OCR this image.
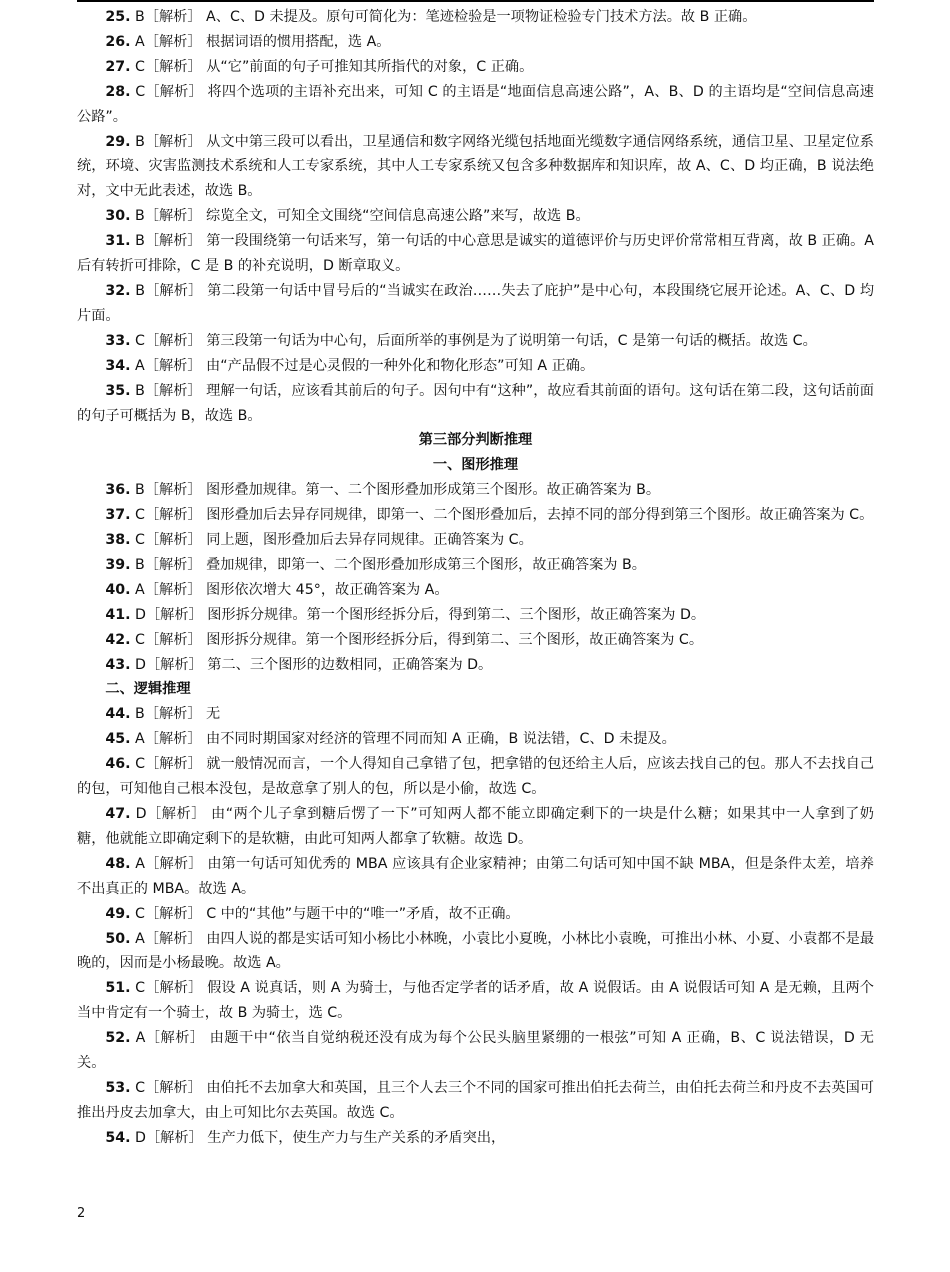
25. B［解析］ A、C、D 未提及。原句可简化为：笔迹检验是一项物证检验专门技术方法。故 B 正确。

26. A［解析］ 根据词语的惯用搭配，选 A。

27. C［解析］ 从“它”前面的句子可推知其所指代的对象，C 正确。

28. C［解析］ 将四个选项的主语补充出来，可知 C 的主语是“地面信息高速公路”，A、B、D 的主语均是“空间信息高速公路”。

29. B［解析］ 从文中第三段可以看出，卫星通信和数字网络光缆包括地面光缆数字通信网络系统，通信卫星、卫星定位系统，环境、灾害监测技术系统和人工专家系统，其中人工专家系统又包含多种数据库和知识库，故 A、C、D 均正确，B 说法绝对，文中无此表述，故选 B。

30. B［解析］ 综览全文，可知全文围绕“空间信息高速公路”来写，故选 B。

31. B［解析］ 第一段围绕第一句话来写，第一句话的中心意思是诚实的道德评价与历史评价常常相互背离，故 B 正确。A 后有转折可排除，C 是 B 的补充说明，D 断章取义。

32. B［解析］ 第二段第一句话中冒号后的“当诚实在政治……失去了庇护”是中心句，本段围绕它展开论述。A、C、D 均片面。

33. C［解析］ 第三段第一句话为中心句，后面所举的事例是为了说明第一句话，C 是第一句话的概括。故选 C。

34. A［解析］ 由“产品假不过是心灵假的一种外化和物化形态”可知 A 正确。

35. B［解析］ 理解一句话，应该看其前后的句子。因句中有“这种”，故应看其前面的语句。这句话在第二段，这句话前面的句子可概括为 B，故选 B。

第三部分判断推理
一、图形推理

36. B［解析］ 图形叠加规律。第一、二个图形叠加形成第三个图形。故正确答案为 B。

37. C［解析］ 图形叠加后去异存同规律，即第一、二个图形叠加后，去掉不同的部分得到第三个图形。故正确答案为 C。

38. C［解析］ 同上题，图形叠加后去异存同规律。正确答案为 C。

39. B［解析］ 叠加规律，即第一、二个图形叠加形成第三个图形，故正确答案为 B。

40. A［解析］ 图形依次增大 45°，故正确答案为 A。

41. D［解析］ 图形拆分规律。第一个图形经拆分后，得到第二、三个图形，故正确答案为 D。

42. C［解析］ 图形拆分规律。第一个图形经拆分后，得到第二、三个图形，故正确答案为 C。

43. D［解析］ 第二、三个图形的边数相同，正确答案为 D。

二、逻辑推理

44. B［解析］ 无

45. A［解析］ 由不同时期国家对经济的管理不同而知 A 正确，B 说法错，C、D 未提及。

46. C［解析］ 就一般情况而言，一个人得知自己拿错了包，把拿错的包还给主人后，应该去找自己的包。那人不去找自己的包，可知他自己根本没包，是故意拿了别人的包，所以是小偷，故选 C。

47. D［解析］ 由“两个儿子拿到糖后愣了一下”可知两人都不能立即确定剩下的一块是什么糖；如果其中一人拿到了奶糖，他就能立即确定剩下的是软糖，由此可知两人都拿了软糖。故选 D。

48. A［解析］ 由第一句话可知优秀的 MBA 应该具有企业家精神；由第二句话可知中国不缺 MBA，但是条件太差，培养不出真正的 MBA。故选 A。

49. C［解析］ C 中的“其他”与题干中的“唯一”矛盾，故不正确。

50. A［解析］ 由四人说的都是实话可知小杨比小林晚，小袁比小夏晚，小林比小袁晚，可推出小林、小夏、小袁都不是最晚的，因而是小杨最晚。故选 A。

51. C［解析］ 假设 A 说真话，则 A 为骑士，与他否定学者的话矛盾，故 A 说假话。由 A 说假话可知 A 是无赖，且两个当中肯定有一个骑士，故 B 为骑士，选 C。

52. A［解析］ 由题干中“依当自觉纳税还没有成为每个公民头脑里紧绷的一根弦”可知 A 正确，B、C 说法错误，D 无关。

53. C［解析］ 由伯托不去加拿大和英国，且三个人去三个不同的国家可推出伯托去荷兰，由伯托去荷兰和丹皮不去英国可推出丹皮去加拿大，由上可知比尔去英国。故选 C。

54. D［解析］ 生产力低下，使生产力与生产关系的矛盾突出，

2
